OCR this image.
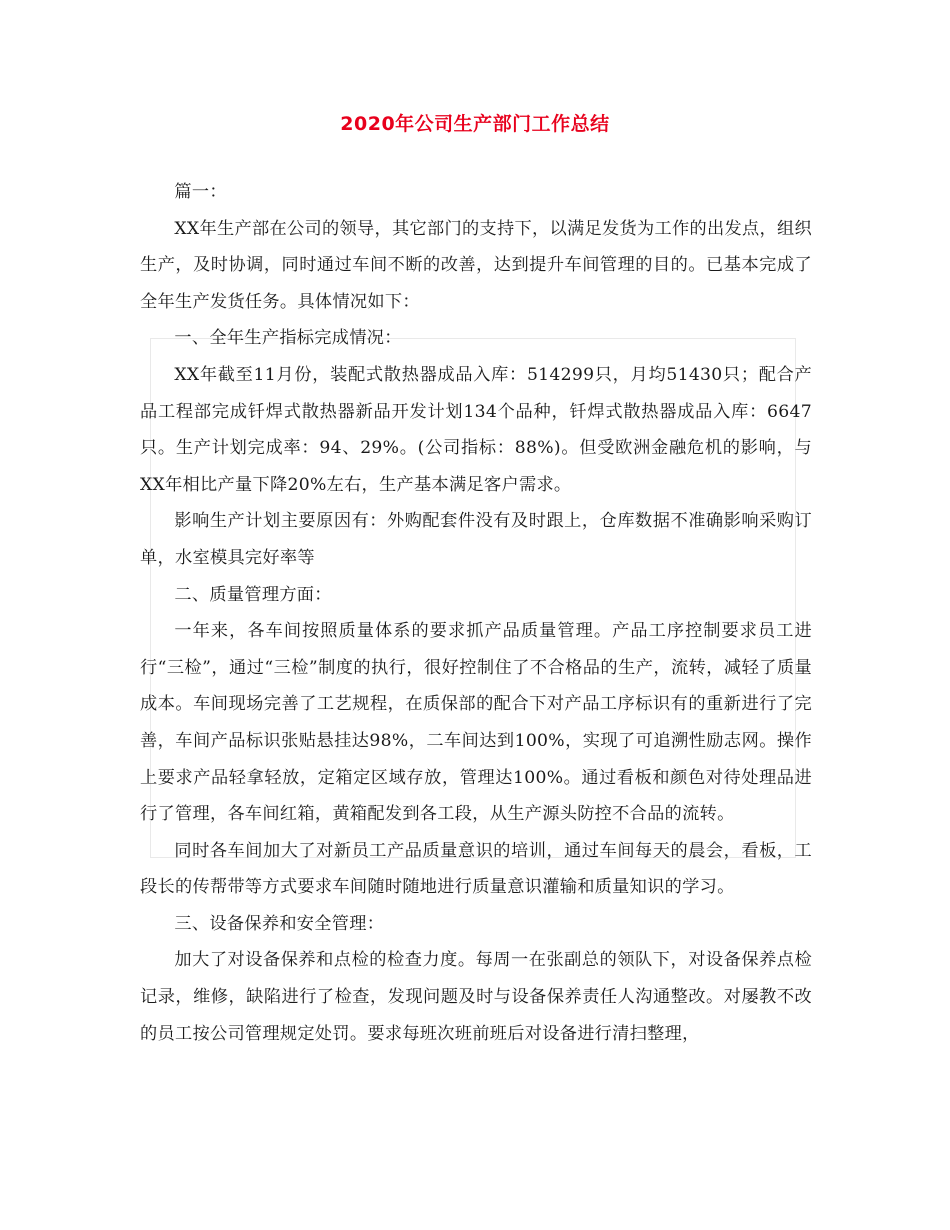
2020年公司生产部门工作总结

篇一：

XX年生产部在公司的领导，其它部门的支持下，以满足发货为工作的出发点，组织生产，及时协调，同时通过车间不断的改善，达到提升车间管理的目的。已基本完成了全年生产发货任务。具体情况如下：

一、全年生产指标完成情况：

XX年截至11月份，装配式散热器成品入库：514299只，月均51430只；配合产品工程部完成钎焊式散热器新品开发计划134个品种，钎焊式散热器成品入库：6647只。生产计划完成率：94、29%。(公司指标：88%)。但受欧洲金融危机的影响，与XX年相比产量下降20%左右，生产基本满足客户需求。

影响生产计划主要原因有：外购配套件没有及时跟上，仓库数据不准确影响采购订单，水室模具完好率等

二、质量管理方面：

一年来，各车间按照质量体系的要求抓产品质量管理。产品工序控制要求员工进行“三检”，通过“三检”制度的执行，很好控制住了不合格品的生产，流转，减轻了质量成本。车间现场完善了工艺规程，在质保部的配合下对产品工序标识有的重新进行了完善，车间产品标识张贴悬挂达98%，二车间达到100%，实现了可追溯性励志网。操作上要求产品轻拿轻放，定箱定区域存放，管理达100%。通过看板和颜色对待处理品进行了管理，各车间红箱，黄箱配发到各工段，从生产源头防控不合品的流转。

同时各车间加大了对新员工产品质量意识的培训，通过车间每天的晨会，看板，工段长的传帮带等方式要求车间随时随地进行质量意识灌输和质量知识的学习。

三、设备保养和安全管理：

加大了对设备保养和点检的检查力度。每周一在张副总的领队下，对设备保养点检记录，维修，缺陷进行了检查，发现问题及时与设备保养责任人沟通整改。对屡教不改的员工按公司管理规定处罚。要求每班次班前班后对设备进行清扫整理，
